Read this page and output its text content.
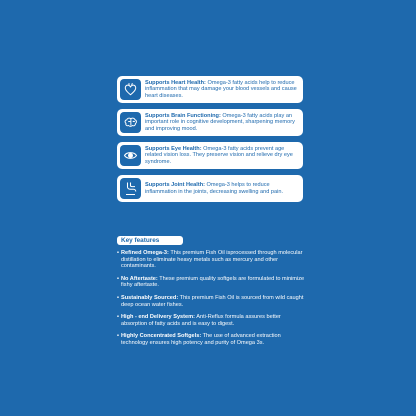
Supports Heart Health: Omega-3 fatty acids help to reduce inflammation that may damage your blood vessels and cause heart diseases.
Supports Brain Functioning: Omega-3 fatty acids play an important role in cognitive development, sharpening memory and improving mood.
Supports Eye Health: Omega-3 fatty acids prevent age related vision loss. They preserve vision and relieve dry eye syndrome.
Supports Joint Health: Omega-3 helps to reduce inflammation in the joints, decreasing swelling and pain.
Key features
• Refined Omega-3: This premium Fish Oil isprocessed through molecular distillation to eliminate heavy metals such as mercury and other contaminants.
• No Aftertaste: These premium quality softgels are formulated to minimize fishy aftertaste.
• Sustainably Sourced: This premium Fish Oil is sourced from wild caught deep ocean water fishes.
• High - end Delivery System: Anti-Reflux formula assures better absorption of fatty acids and is easy to digest.
• Highly Concentrated Softgels: The use of advanced extraction technology ensures high potency and purity of Omega 3s.
